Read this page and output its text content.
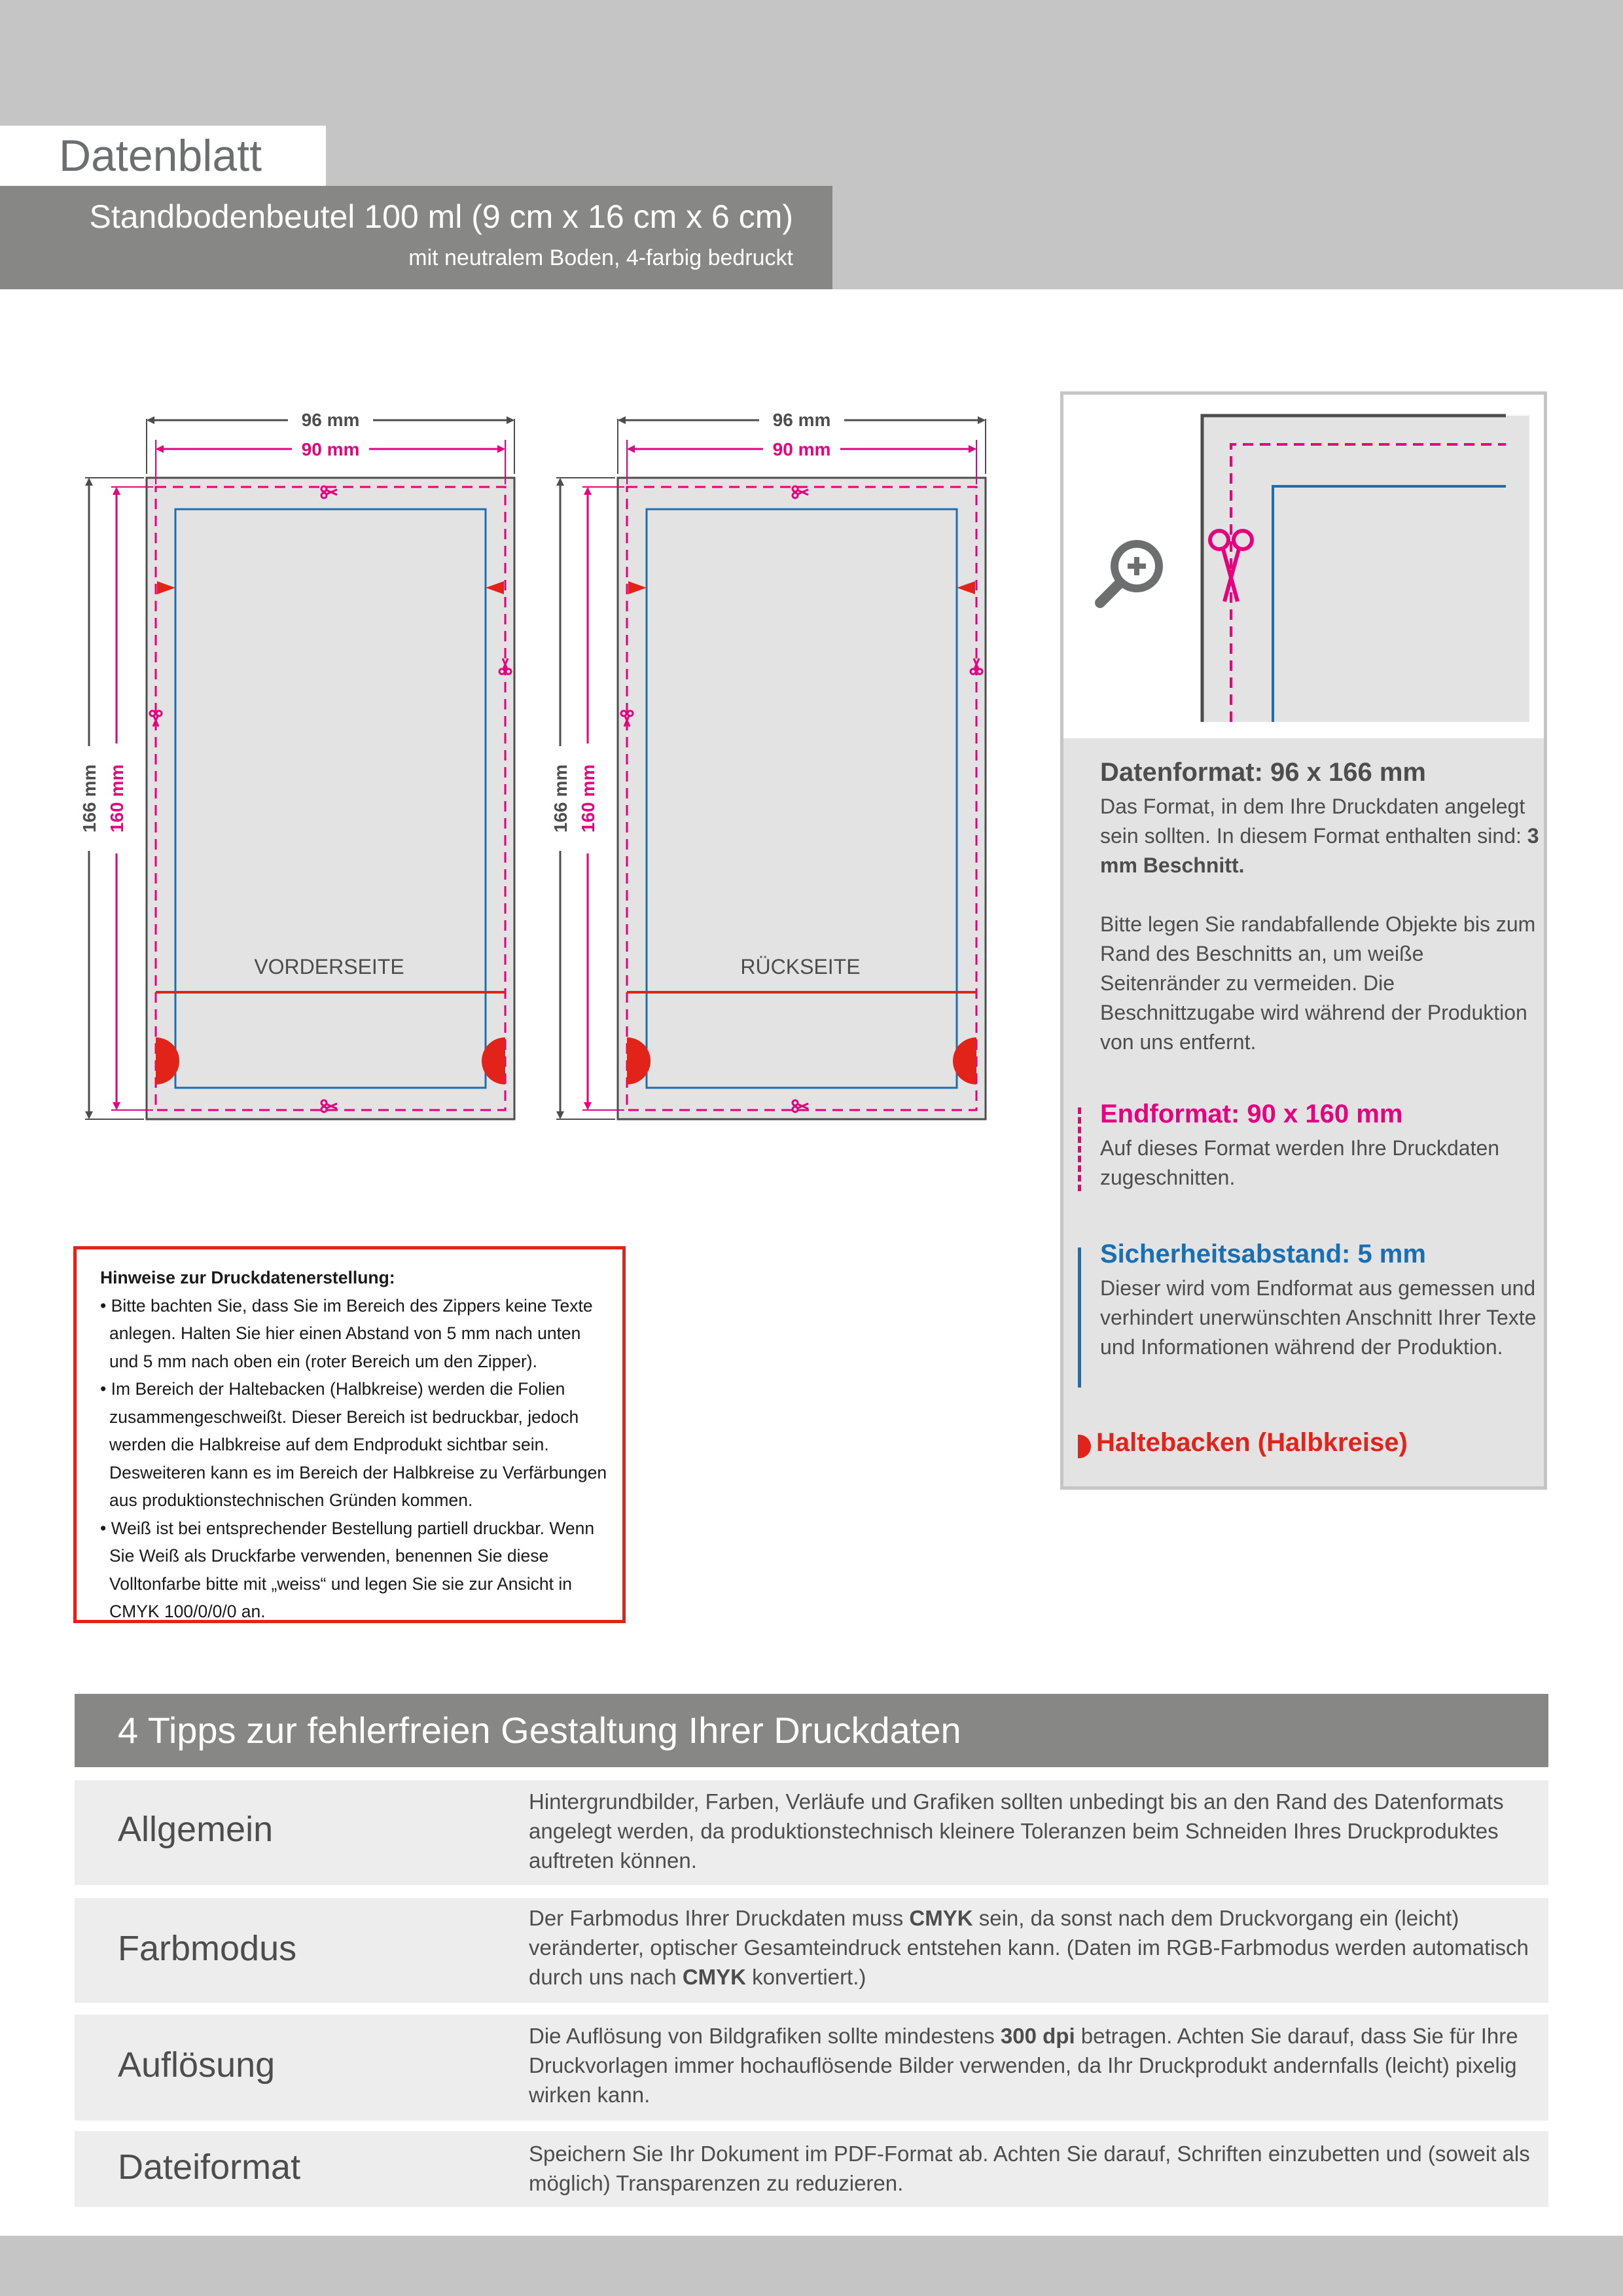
Datenblatt
Standbodenbeutel 100 ml (9 cm x 16 cm x 6 cm)
mit neutralem Boden, 4-farbig bedruckt
96 mm
90 mm
166 mm 160 mm
VORDERSEITE
96 mm
90 mm
166 mm 160 mm
RÜCKSEITE
Hinweise zur Druckdatenerstellung:
• Bitte bachten Sie, dass Sie im Bereich des Zippers keine Texte anlegen. Halten Sie hier einen Abstand von 5 mm nach unten und 5 mm nach oben ein (roter Bereich um den Zipper).
• Im Bereich der Haltebacken (Halbkreise) werden die Folien zusammengeschweißt. Dieser Bereich ist bedruckbar, jedoch werden die Halbkreise auf dem Endprodukt sichtbar sein. Desweiteren kann es im Bereich der Halbkreise zu Verfärbungen aus produktionstechnischen Gründen kommen.
• Weiß ist bei entsprechender Bestellung partiell druckbar. Wenn Sie Weiß als Druckfarbe verwenden, benennen Sie diese Volltonfarbe bitte mit „weiss“ und legen Sie sie zur Ansicht in CMYK 100/0/0/0 an.
Datenformat: 96 x 166 mm
Das Format, in dem Ihre Druckdaten angelegt sein sollten. In diesem Format enthalten sind: 3 mm Beschnitt.
Bitte legen Sie randabfallende Objekte bis zum Rand des Beschnitts an, um weiße Seitenränder zu vermeiden. Die Beschnittzugabe wird während der Produktion von uns entfernt.
Endformat: 90 x 160 mm
Auf dieses Format werden Ihre Druckdaten zugeschnitten.
Sicherheitsabstand: 5 mm
Dieser wird vom Endformat aus gemessen und verhindert unerwünschten Anschnitt Ihrer Texte und Informationen während der Produktion.
Haltebacken (Halbkreise)
4 Tipps zur fehlerfreien Gestaltung Ihrer Druckdaten
Allgemein
Hintergrundbilder, Farben, Verläufe und Grafiken sollten unbedingt bis an den Rand des Datenformats angelegt werden, da produktionstechnisch kleinere Toleranzen beim Schneiden Ihres Druckproduktes auftreten können.
Farbmodus
Der Farbmodus Ihrer Druckdaten muss CMYK sein, da sonst nach dem Druckvorgang ein (leicht) veränderter, optischer Gesamteindruck entstehen kann. (Daten im RGB-Farbmodus werden automatisch durch uns nach CMYK konvertiert.)
Auflösung
Die Auflösung von Bildgrafiken sollte mindestens 300 dpi betragen. Achten Sie darauf, dass Sie für Ihre Druckvorlagen immer hochauflösende Bilder verwenden, da Ihr Druckprodukt andernfalls (leicht) pixelig wirken kann.
Dateiformat	Speichern Sie Ihr Dokument im PDF-Format ab. Achten Sie darauf, Schriften einzubetten und (soweit als möglich) Transparenzen zu reduzieren.
